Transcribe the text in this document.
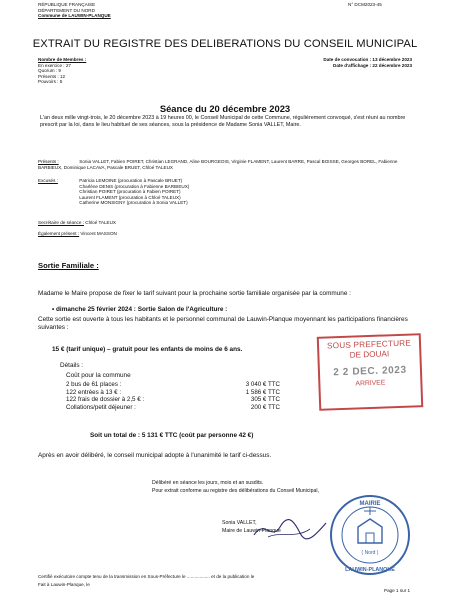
RÉPUBLIQUE FRANÇAISE
DÉPARTEMENT DU NORD
Commune de LAUWIN-PLANQUE
N° DCM2023-45
EXTRAIT DU REGISTRE DES DELIBERATIONS DU CONSEIL MUNICIPAL
Nombre de Membres :
En exercice : 27
Quorum : 9
Présents : 12
Pouvoirs : 5
Date de convocation : 13 décembre 2023
Date d'affichage : 22 décembre 2023
Séance du 20 décembre 2023
L'an deux mille vingt-trois, le 20 décembre 2023 à 19 heures 00, le Conseil Municipal de cette Commune, régulièrement convoqué, s'est réuni au nombre prescrit par la loi, dans le lieu habituel de ses séances, sous la présidence de Madame Sonia VALLET, Maire.
Présents :	Sonia VALLET, Fabien POIRET, Christian LEGRAND, Aline BOURGEOIS, Virginie FLAMENT, Laurent BARRE, Pascal BOISSE, Georges BOREL, Fabienne BARBIEUX, Dominique LACAVA, Pascale BRUET, Chloé TALEUX
Excusés :	Patricia LEMOINE (procuration à Pascale BRUET)
Charlène DENIS (procuration à Fabienne BARBIEUX)
Christian POIRET (procuration à Fabien POIRET)
Laurent FLAMENT (procuration à Chloé TALEUX)
Catherine MONSIGNY (procuration à Sonia VALLET)
Secrétaire de séance : Chloé TALEUX
Également présent : Vincent MASSON
Sortie Familiale :
Madame le Maire propose de fixer le tarif suivant pour la prochaine sortie familiale organisée par la commune :
• dimanche 25 février 2024 : Sortie Salon de l'Agriculture :
Cette sortie est ouverte à tous les habitants et le personnel communal de Lauwin-Planque moyennant les participations financières suivantes :
15 € (tarif unique) – gratuit pour les enfants de moins de 6 ans.
Détails :
Coût pour la commune
2 bus de 61 places :	3 040 € TTC
122 entrées à 13 € :	1 586 € TTC
122 frais de dossier à 2,5 € :	305 € TTC
Collations/petit déjeuner :	200 € TTC
Soit un total de : 5 131 € TTC (coût par personne 42 €)
Après en avoir délibéré, le conseil municipal adopte à l'unanimité le tarif ci-dessus.
Délibéré en séance les jours, mois et an susdits.
Pour extrait conforme au registre des délibérations du Conseil Municipal,
Sonia VALLET,
Maire de Lauwin-Planque
SOUS PREFECTURE
DE DOUAI
2 2 DEC. 2023
ARRIVEE
MAIRIE
( Nord )
LAUWIN-PLANQUE
Certifié exécutoire compte tenu de la transmission en Sous-Préfecture le .................. et de la publication le
Fait à Lauwin-Planque, le
Page 1 sur 1
